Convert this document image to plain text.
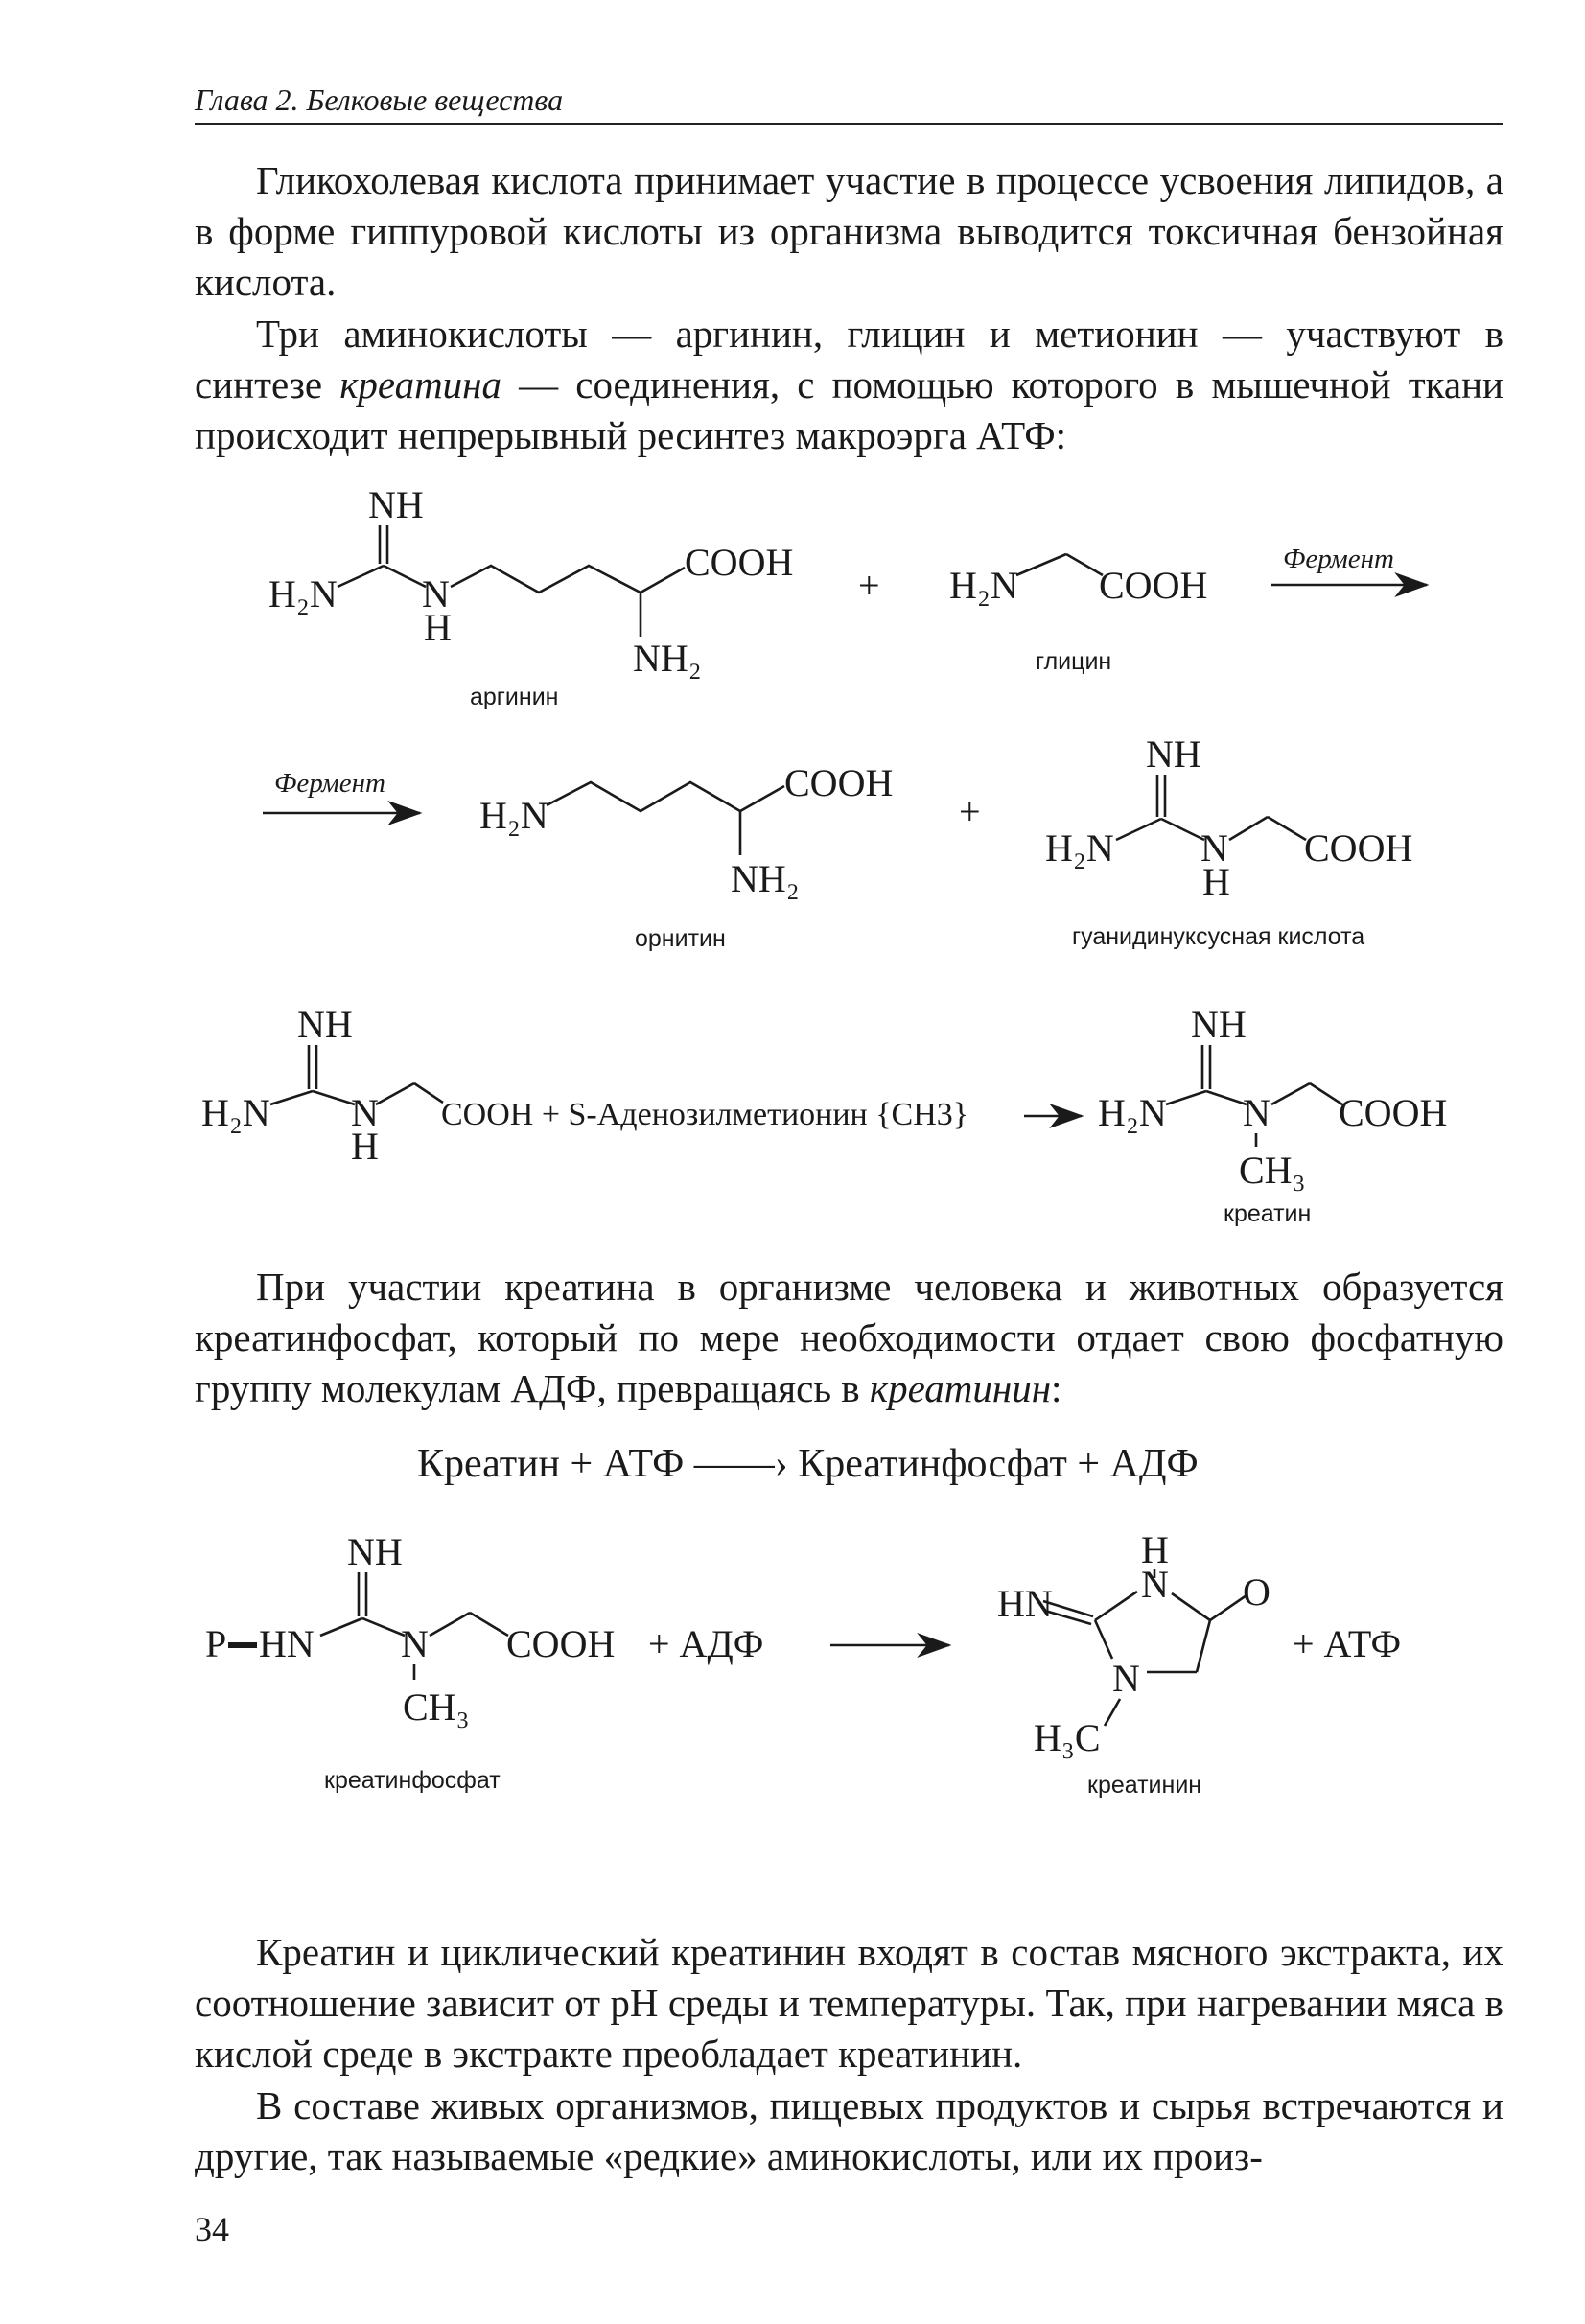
Глава 2. Белковые вещества

Гликохолевая кислота принимает участие в процессе усвоения липидов, а в форме гиппуровой кислоты из организма выводится токсичная бензойная кислота.

Три аминокислоты — аргинин, глицин и метионин — участвуют в синтезе креатина — соединения, с помощью которого в мышечной ткани происходит непрерывный ресинтез макроэрга АТФ:

NH
H₂N N
H
COOH
NH₂
аргинин
+ H₂N COOH
глицин
Фермент
Фермент
H₂N
COOH
NH₂
орнитин
+
NH
H₂N N
H
COOH
гуанидинуксусная кислота
NH
H₂N N
H
COOH + S-Аденозилметионин {CH3}
NH
H₂N N
CH₃
COOH
креатин
Креатин + АТФ ——› Креатинфосфат + АДФ
NH
P HN N
CH₃
COOH
креатинфосфат
+ АДФ
H
HN N O
N
H₃C
креатинин
+ АТФ

При участии креатина в организме человека и животных образуется креатинфосфат, который по мере необходимости отдает свою фосфатную группу молекулам АДФ, превращаясь в креатинин:

Креатин и циклический креатинин входят в состав мясного экстракта, их соотношение зависит от pH среды и температуры. Так, при нагревании мяса в кислой среде в экстракте преобладает креатинин.

В составе живых организмов, пищевых продуктов и сырья встречаются и другие, так называемые «редкие» аминокислоты, или их произ-

34
